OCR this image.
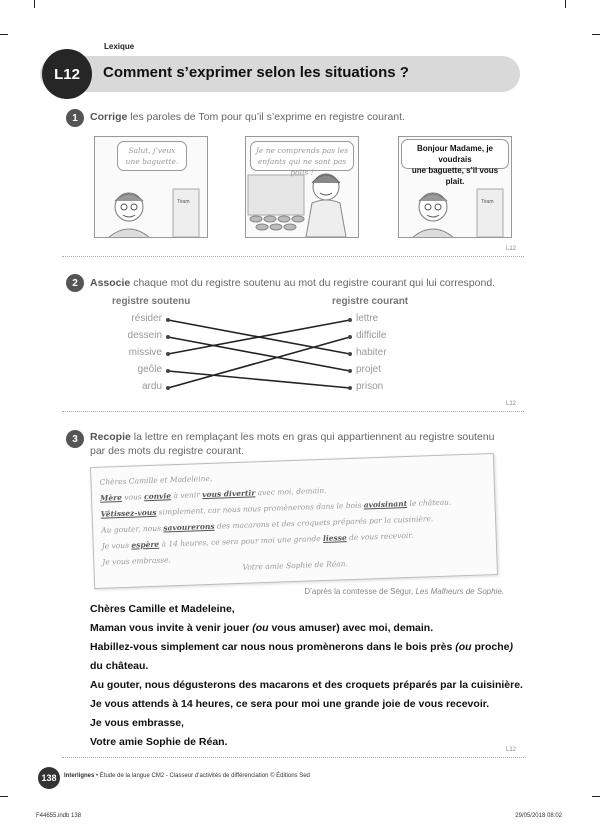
Lexique
L12	Comment s’exprimer selon les situations ?
1	Corrige les paroles de Tom pour qu’il s’exprime en registre courant.
Salut, j’veux
une baguette.
Tiram
Je ne comprends pas les
enfants qui ne sont pas polis !
Bonjour Madame, je voudrais
une baguette, s’il vous plait.
Tiram
L12
2	Associe chaque mot du registre soutenu au mot du registre courant qui lui correspond.
registre soutenu	registre courant
résider
dessein
missive
geôle
ardu
lettre
difficile
habiter
projet
prison
L12
3	Recopie la lettre en remplaçant les mots en gras qui appartiennent au registre soutenu
par des mots du registre courant.
Chères Camille et Madeleine,
Mère vous convie à venir vous divertir avec moi, demain.
Vêtissez-vous simplement, car nous nous promènerons dans le bois avoisinant le château.
Au gouter, nous savourerons des macarons et des croquets préparés par la cuisinière.
Je vous espère à 14 heures, ce sera pour moi une grande liesse de vous recevoir.
Je vous embrasse.	Votre amie Sophie de Réan.
D’après la comtesse de Ségur, Les Malheurs de Sophie.
Chères Camille et Madeleine,
Maman vous invite à venir jouer (ou vous amuser) avec moi, demain.
Habillez-vous simplement car nous nous promènerons dans le bois près (ou proche)
du château.
Au gouter, nous dégusterons des macarons et des croquets préparés par la cuisinière.
Je vous attends à 14 heures, ce sera pour moi une grande joie de vous recevoir.
Je vous embrasse,
Votre amie Sophie de Réan.
L12
138	Interlignes • Étude de la langue CM2 - Classeur d’activités de différenciation © Éditions Sed
F44655.indb 138	29/05/2018 08:02
